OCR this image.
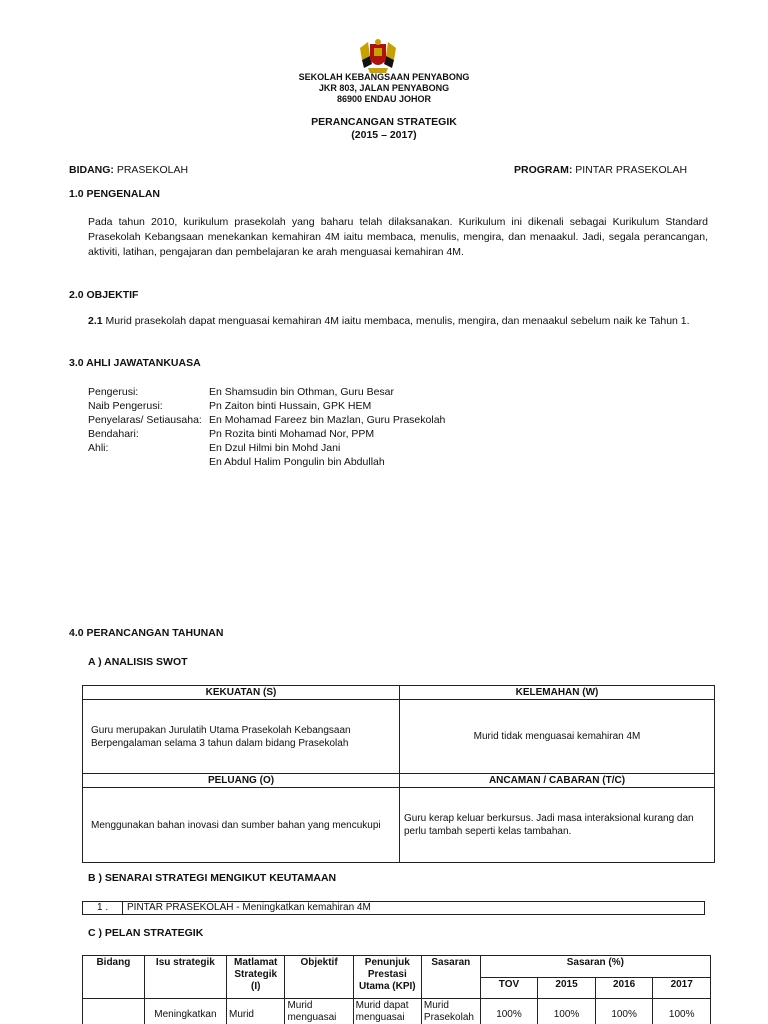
SEKOLAH KEBANGSAAN PENYABONG
JKR 803, JALAN PENYABONG
86900 ENDAU JOHOR
PERANCANGAN STRATEGIK
(2015 – 2017)
BIDANG: PRASEKOLAH	PROGRAM: PINTAR PRASEKOLAH
1.0 PENGENALAN
Pada tahun 2010, kurikulum prasekolah yang baharu telah dilaksanakan. Kurikulum ini dikenali sebagai Kurikulum Standard
Prasekolah Kebangsaan menekankan kemahiran 4M iaitu membaca, menulis, mengira, dan menaakul. Jadi, segala perancangan,
aktiviti, latihan, pengajaran dan pembelajaran ke arah menguasai kemahiran 4M.
2.0 OBJEKTIF
2.1 Murid prasekolah dapat menguasai kemahiran 4M iaitu membaca, menulis, mengira, dan menaakul sebelum naik ke Tahun 1.
3.0 AHLI JAWATANKUASA
Pengerusi:	En Shamsudin bin Othman, Guru Besar
Naib Pengerusi:	Pn Zaiton binti Hussain, GPK HEM
Penyelaras/ Setiausaha: En Mohamad Fareez bin Mazlan, Guru Prasekolah
Bendahari:	Pn Rozita binti Mohamad Nor, PPM
Ahli:	En Dzul Hilmi bin Mohd Jani
En Abdul Halim Pongulin bin Abdullah
4.0 PERANCANGAN TAHUNAN
A ) ANALISIS SWOT
KEKUATAN (S)	KELEMAHAN (W)
Guru merupakan Jurulatih Utama Prasekolah Kebangsaan Berpengalaman selama 3 tahun dalam bidang Prasekolah	Murid tidak menguasai kemahiran 4M
PELUANG (O)	ANCAMAN / CABARAN (T/C)
Menggunakan bahan inovasi dan sumber bahan yang mencukupi	Guru kerap keluar berkursus. Jadi masa interaksional kurang dan perlu tambah seperti kelas tambahan.
B ) SENARAI STRATEGI MENGIKUT KEUTAMAAN
1 .	PINTAR PRASEKOLAH - Meningkatkan kemahiran 4M
C ) PELAN STRATEGIK
Bidang	Isu strategik	Matlamat Strategik (I)	Objektif	Penunjuk Prestasi Utama (KPI)	Sasaran	Sasaran (%)			
						TOV	2015	2016	2017
	Meningkatkan	Murid	Murid menguasai	Murid dapat menguasai	Murid Prasekolah	100%	100%	100%	100%
